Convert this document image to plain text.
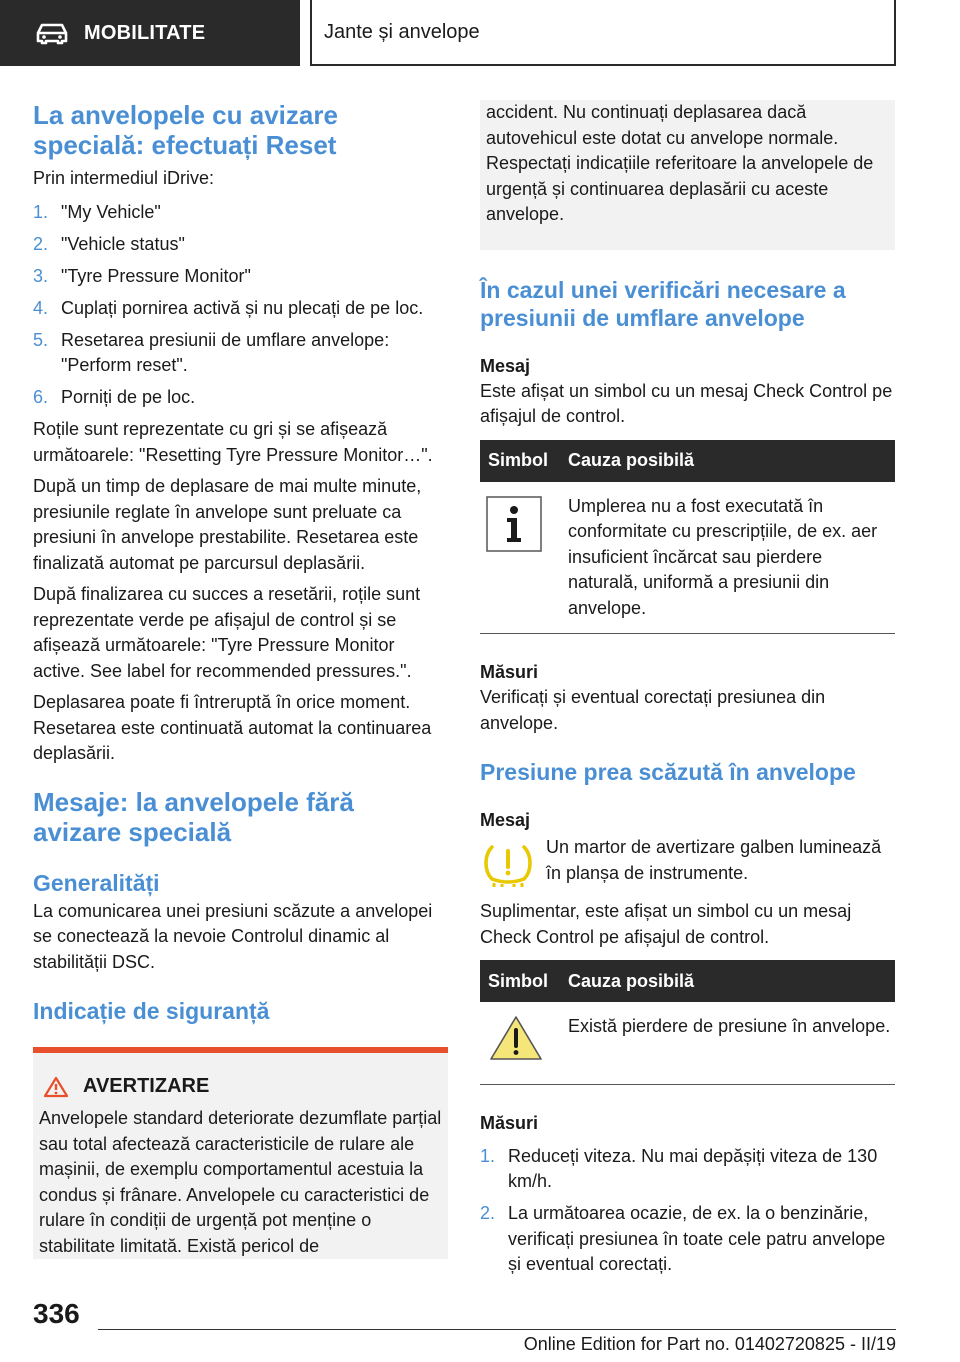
MOBILITATE	Jante și anvelope
La anvelopele cu avizare specială: efectuați Reset

Prin intermediul iDrive:

1. "My Vehicle"
2. "Vehicle status"
3. "Tyre Pressure Monitor"
4. Cuplați pornirea activă și nu plecați de pe loc.
5. Resetarea presiunii de umflare anvelope: "Perform reset".
6. Porniți de pe loc.

Roțile sunt reprezentate cu gri și se afișează următoarele: "Resetting Tyre Pressure Monitor…".

După un timp de deplasare de mai multe minute, presiunile reglate în anvelope sunt preluate ca presiuni în anvelope prestabilite. Resetarea este finalizată automat pe parcursul deplasării.

După finalizarea cu succes a resetării, roțile sunt reprezentate verde pe afișajul de control și se afișează următoarele: "Tyre Pressure Monitor active. See label for recommended pressures.".

Deplasarea poate fi întreruptă în orice moment. Resetarea este continuată automat la continuarea deplasării.

Mesaje: la anvelopele fără avizare specială
Generalități

La comunicarea unei presiuni scăzute a anvelopei se conectează la nevoie Controlul dinamic al stabilității DSC.

Indicație de siguranță
AVERTIZARE

Anvelopele standard deteriorate dezumflate parțial sau total afectează caracteristicile de rulare ale mașinii, de exemplu comportamentul acestuia la condus și frânare. Anvelopele cu caracteristici de rulare în condiții de urgență pot menține o stabilitate limitată. Există pericol de

accident. Nu continuați deplasarea dacă autovehicul este dotat cu anvelope normale. Respectați indicațiile referitoare la anvelopele de urgență și continuarea deplasării cu aceste anvelope.

În cazul unei verificări necesare a presiunii de umflare anvelope
Mesaj

Este afișat un simbol cu un mesaj Check Control pe afișajul de control.

Simbol	Cauza posibilă
	Umplerea nu a fost executată în conformitate cu prescripțiile, de ex. aer insuficient încărcat sau pierdere naturală, uniformă a presiunii din anvelope.
Măsuri

Verificați și eventual corectați presiunea din anvelope.

Presiune prea scăzută în anvelope
Mesaj

Un martor de avertizare galben luminează în planșa de instrumente.

Suplimentar, este afișat un simbol cu un mesaj Check Control pe afișajul de control.

Simbol	Cauza posibilă
	Există pierdere de presiune în anvelope.
Măsuri
1. Reduceți viteza. Nu mai depășiți viteza de 130 km/h.
2. La următoarea ocazie, de ex. la o benzinărie, verificați presiunea în toate cele patru anvelope și eventual corectați.
336
Online Edition for Part no. 01402720825 - II/19
